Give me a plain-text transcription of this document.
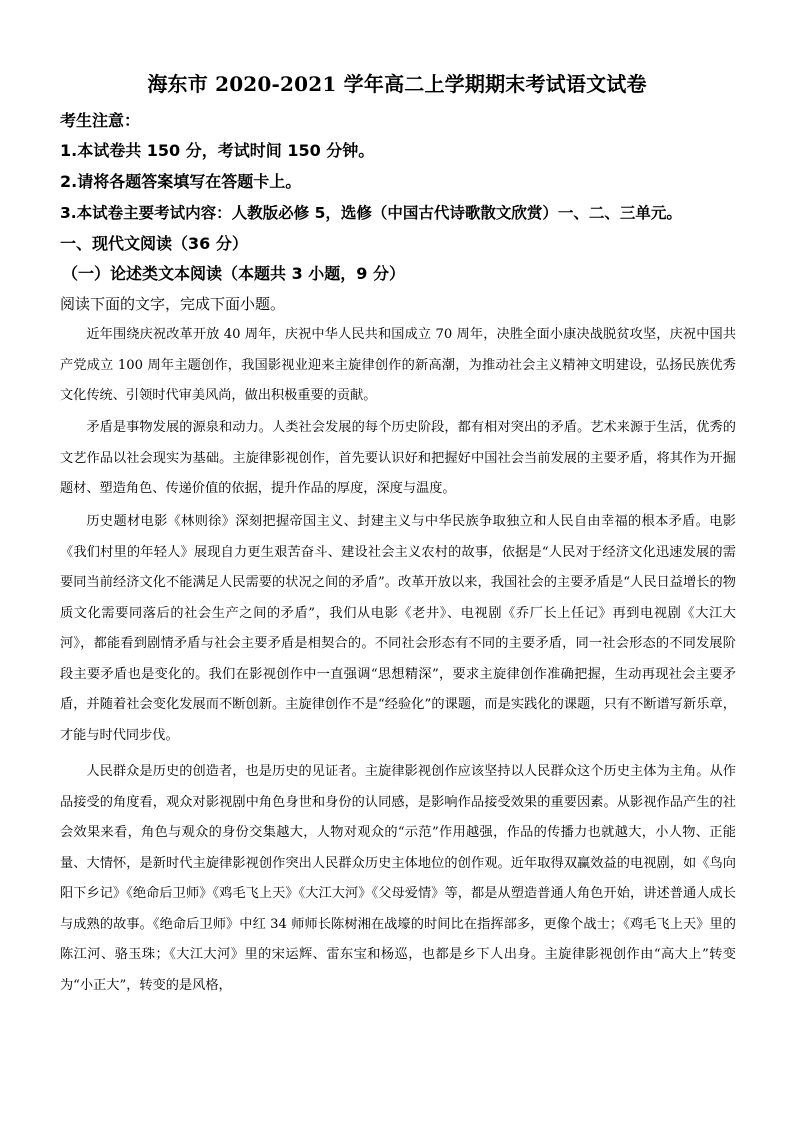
海东市 2020-2021 学年高二上学期期末考试语文试卷
考生注意：
1.本试卷共 150 分，考试时间 150 分钟。
2.请将各题答案填写在答题卡上。
3.本试卷主要考试内容：人教版必修 5，选修（中国古代诗歌散文欣赏）一、二、三单元。
一、现代文阅读（36 分）
（一）论述类文本阅读（本题共 3 小题，9 分）
阅读下面的文字，完成下面小题。
近年围绕庆祝改革开放 40 周年，庆祝中华人民共和国成立 70 周年，决胜全面小康决战脱贫攻坚，庆祝中国共产党成立 100 周年主题创作，我国影视业迎来主旋律创作的新高潮，为推动社会主义精神文明建设，弘扬民族优秀文化传统、引领时代审美风尚，做出积极重要的贡献。
矛盾是事物发展的源泉和动力。人类社会发展的每个历史阶段，都有相对突出的矛盾。艺术来源于生活，优秀的文艺作品以社会现实为基础。主旋律影视创作，首先要认识好和把握好中国社会当前发展的主要矛盾，将其作为开掘题材、塑造角色、传递价值的依据，提升作品的厚度，深度与温度。
历史题材电影《林则徐》深刻把握帝国主义、封建主义与中华民族争取独立和人民自由幸福的根本矛盾。电影《我们村里的年轻人》展现自力更生艰苦奋斗、建设社会主义农村的故事，依据是“人民对于经济文化迅速发展的需要同当前经济文化不能满足人民需要的状况之间的矛盾”。改革开放以来，我国社会的主要矛盾是“人民日益增长的物质文化需要同落后的社会生产之间的矛盾”，我们从电影《老井》、电视剧《乔厂长上任记》再到电视剧《大江大河》，都能看到剧情矛盾与社会主要矛盾是相契合的。不同社会形态有不同的主要矛盾，同一社会形态的不同发展阶段主要矛盾也是变化的。我们在影视创作中一直强调“思想精深”，要求主旋律创作准确把握，生动再现社会主要矛盾，并随着社会变化发展而不断创新。主旋律创作不是“经验化”的课题，而是实践化的课题，只有不断谱写新乐章，才能与时代同步伐。
人民群众是历史的创造者，也是历史的见证者。主旋律影视创作应该坚持以人民群众这个历史主体为主角。从作品接受的角度看，观众对影视剧中角色身世和身份的认同感，是影响作品接受效果的重要因素。从影视作品产生的社会效果来看，角色与观众的身份交集越大，人物对观众的“示范”作用越强，作品的传播力也就越大，小人物、正能量、大情怀，是新时代主旋律影视创作突出人民群众历史主体地位的创作观。近年取得双赢效益的电视剧，如《鸟向阳下乡记》《绝命后卫师》《鸡毛飞上天》《大江大河》《父母爱情》等，都是从塑造普通人角色开始，讲述普通人成长与成熟的故事。《绝命后卫师》中红 34 师师长陈树湘在战壕的时间比在指挥部多，更像个战士；《鸡毛飞上天》里的陈江河、骆玉珠；《大江大河》里的宋运辉、雷东宝和杨巡，也都是乡下人出身。主旋律影视创作由“高大上”转变为“小正大”，转变的是风格，
